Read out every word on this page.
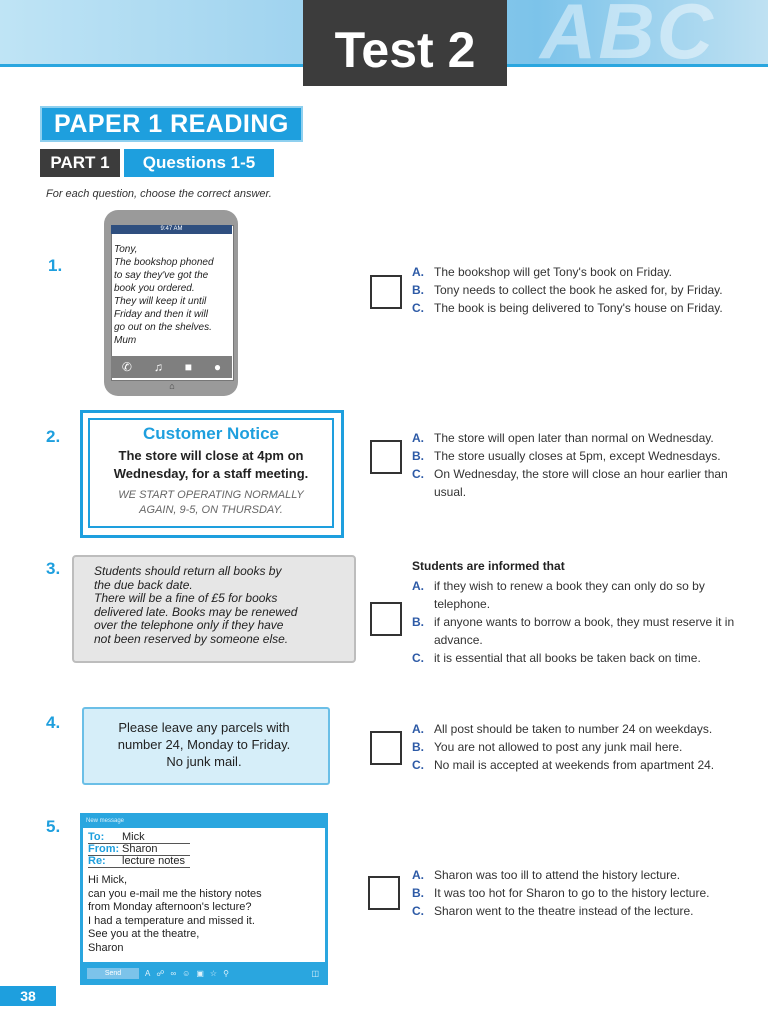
ABC
Test 2
PAPER 1 READING
PART 1	Questions 1-5
For each question, choose the correct answer.
1.
9:47 AM
Tony,
The bookshop phoned
to say they've got the
book you ordered.
They will keep it until
Friday and then it will
go out on the shelves.
Mum
✆ ♫ ■ ●
⌂
A. The bookshop will get Tony's book on Friday.
B. Tony needs to collect the book he asked for, by Friday.
C. The book is being delivered to Tony's house on Friday.
2.	Customer Notice
The store will close at 4pm on
Wednesday, for a staff meeting.
WE START OPERATING NORMALLY
AGAIN, 9-5, ON THURSDAY.
A. The store will open later than normal on Wednesday.
B. The store usually closes at 5pm, except Wednesdays.
C. On Wednesday, the store will close an hour earlier than usual.
3.	Students should return all books by
the due back date.
There will be a fine of £5 for books
delivered late. Books may be renewed
over the telephone only if they have
not been reserved by someone else.
Students are informed that
A. if they wish to renew a book they can only do so by telephone.
B. if anyone wants to borrow a book, they must reserve it in advance.
C. it is essential that all books be taken back on time.
4.	Please leave any parcels with
number 24, Monday to Friday.
No junk mail.
A. All post should be taken to number 24 on weekdays.
B. You are not allowed to post any junk mail here.
C. No mail is accepted at weekends from apartment 24.
5.	New message
To:	Mick
From: Sharon
Re:	lecture notes
Hi Mick,
can you e-mail me the history notes
from Monday afternoon's lecture?
I had a temperature and missed it.
See you at the theatre,
Sharon
Send	A ☍ ∞ ☺ ▣ ☆ ⚲	◫
A. Sharon was too ill to attend the history lecture.
B. It was too hot for Sharon to go to the history lecture.
C. Sharon went to the theatre instead of the lecture.
38
